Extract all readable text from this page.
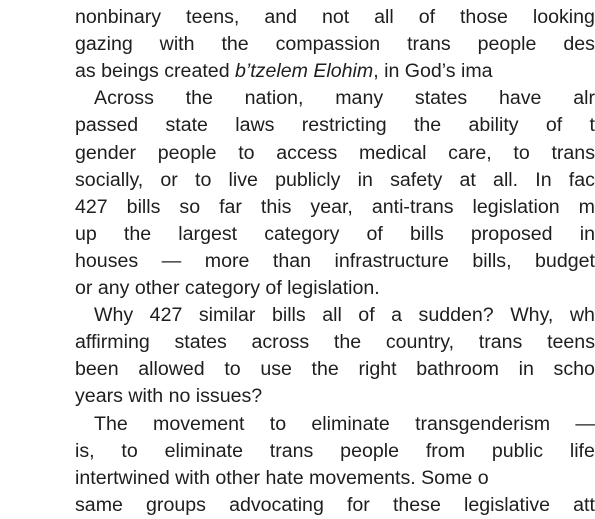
nonbinary teens, and not all of those looking
gazing with the compassion trans people des
as beings created b’tzelem Elohim , in God’s ima
Across the nation, many states have alr
passed state laws restricting the ability of t
gender people to access medical care, to trans
socially, or to live publicly in safety at all. In fac
427 bills so far this year, anti-trans legislation m
up the largest category of bills proposed in
houses — more than infrastructure bills, budget
or any other category of legislation.
Why 427 similar bills all of a sudden? Why, wh
affirming states across the country, trans teens
been allowed to use the right bathroom in scho
years with no issues?
The movement to eliminate transgenderism —
is, to eliminate trans people from public life
intertwined with other hate movements. Some o
same groups advocating for these legislative att
